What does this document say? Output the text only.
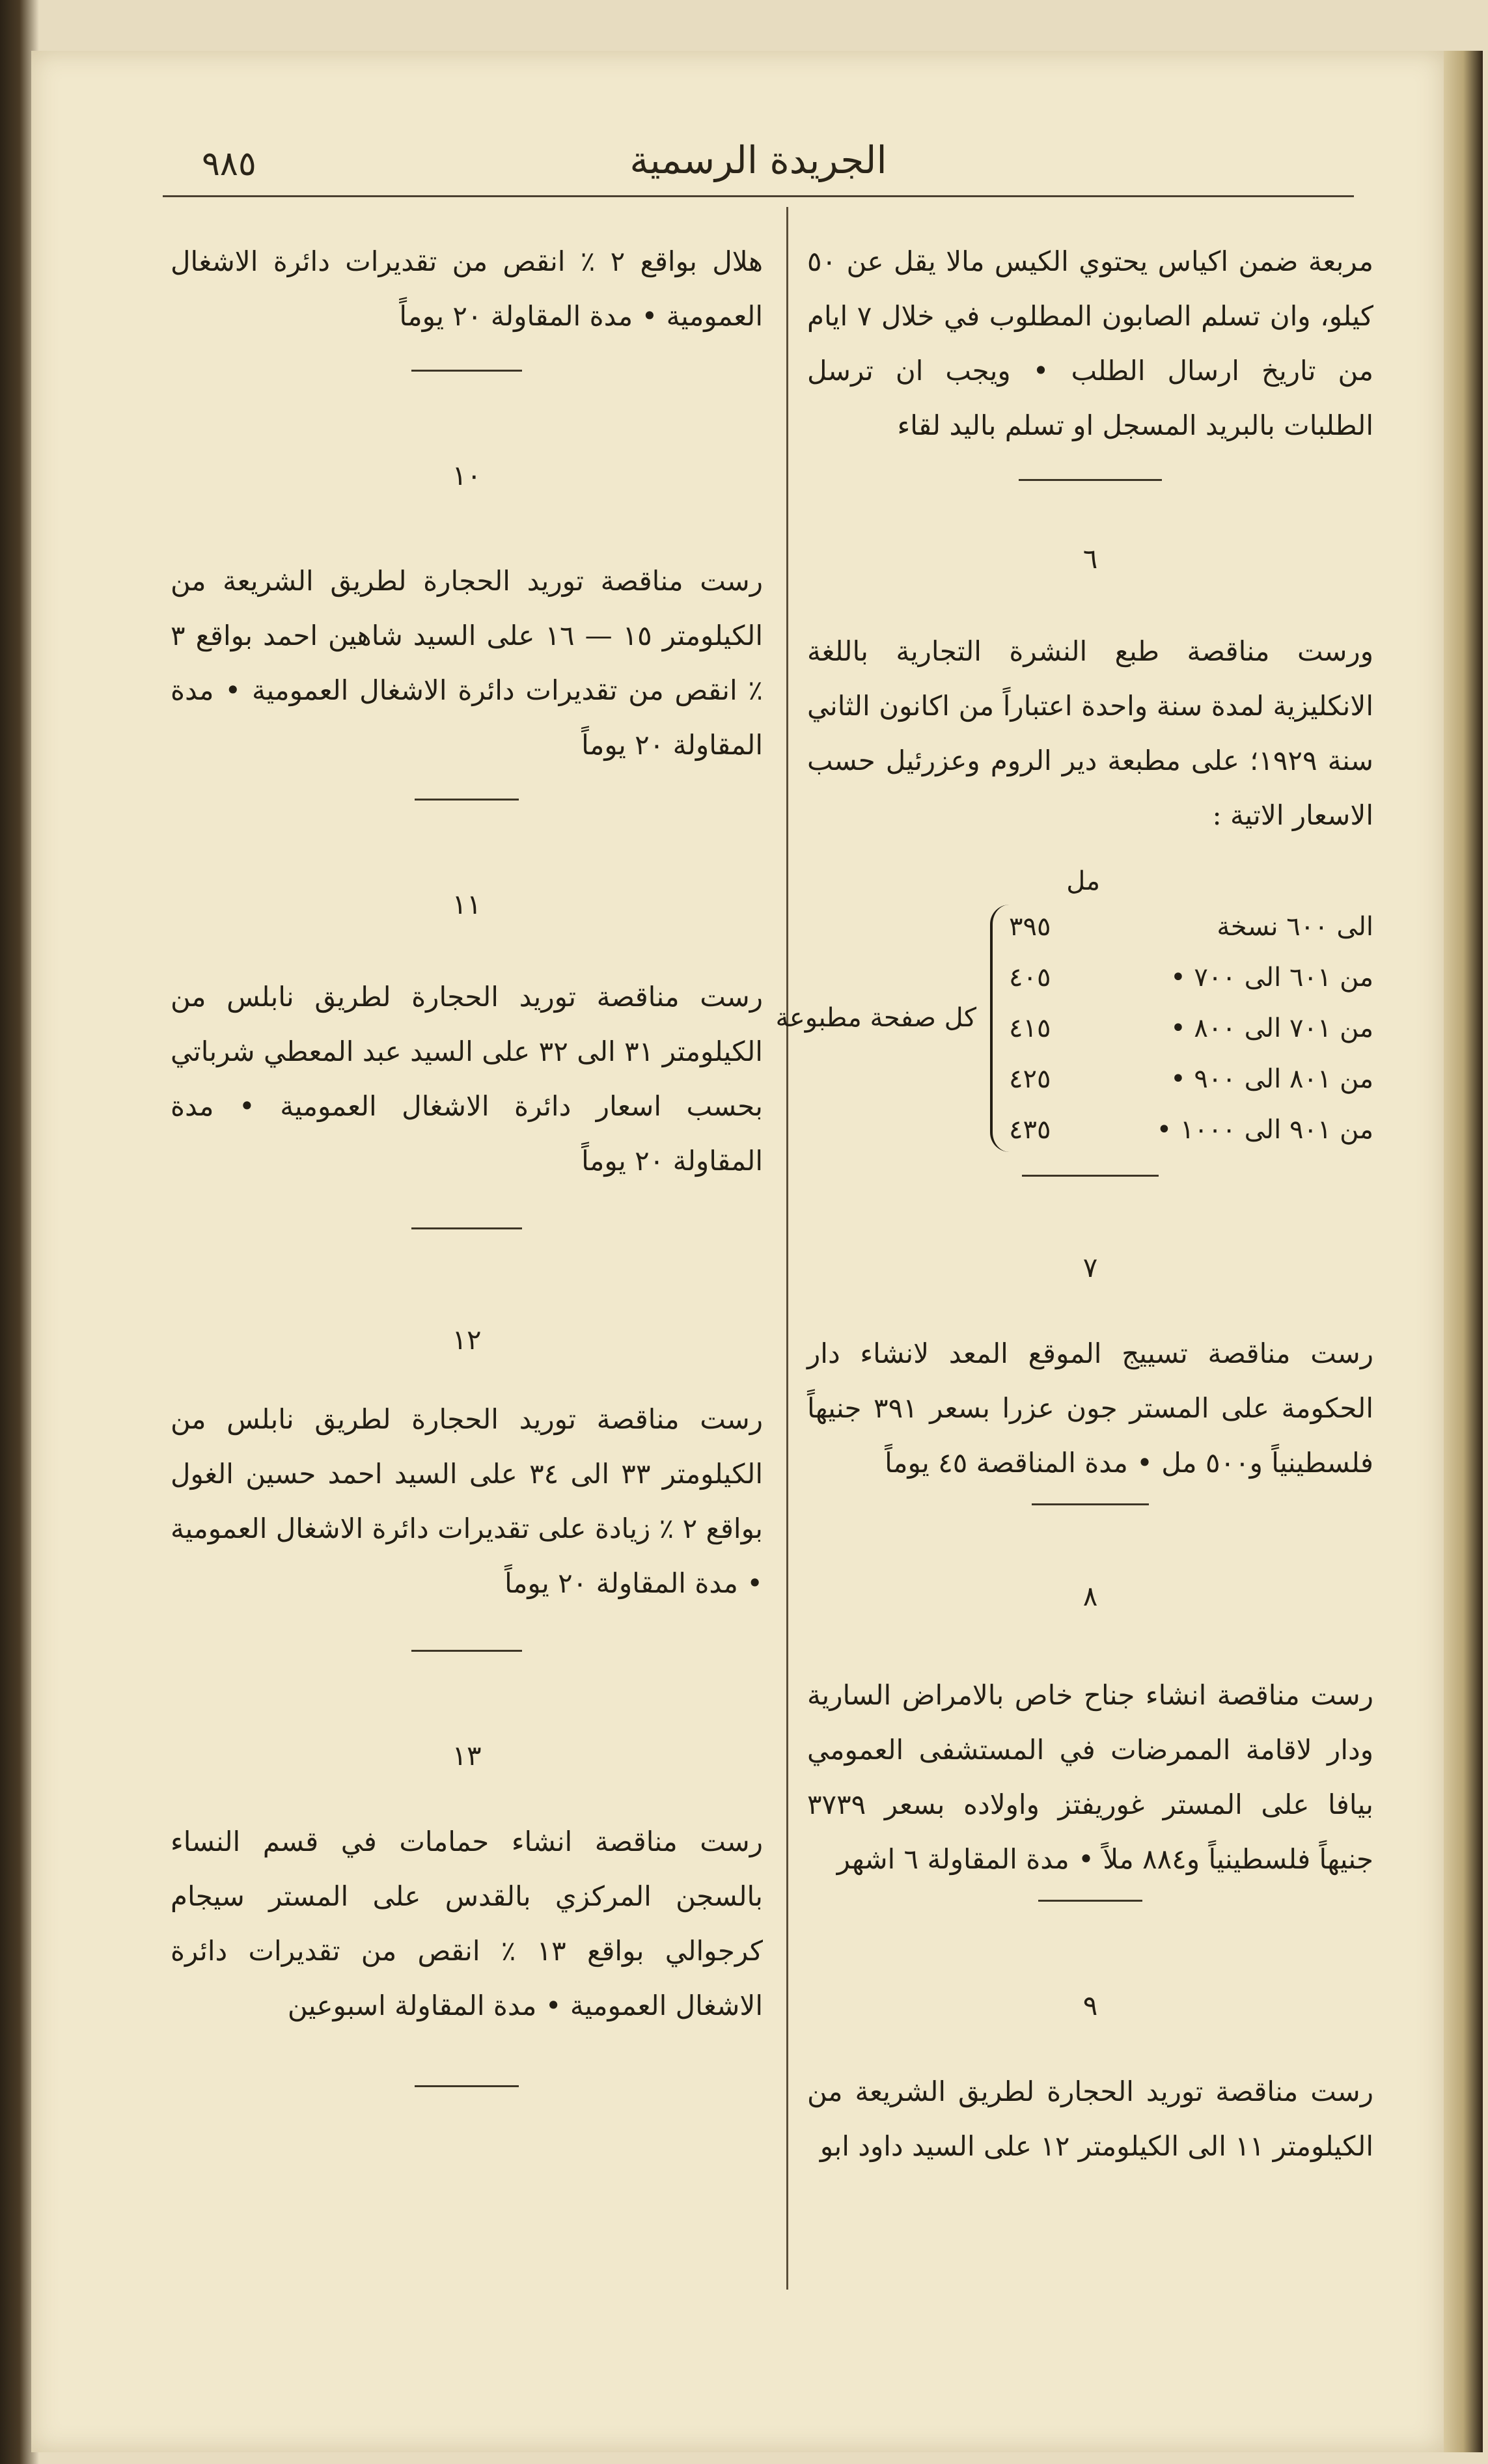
الجريدة الرسمية
٩٨٥

مربعة ضمن اكياس يحتوي الكيس مالا يقل عن ٥٠ كيلو، وان تسلم الصابون المطلوب في خلال ٧ ايام من تاريخ ارسال الطلب • ويجب ان ترسل الطلبات بالبريد المسجل او تسلم باليد لقاء

٦

ورست مناقصة طبع النشرة التجارية باللغة الانكليزية لمدة سنة واحدة اعتباراً من اكانون الثاني سنة ١٩٢٩؛ على مطبعة دير الروم وعزرئيل حسب الاسعار الاتية :

مل
كل صفحة مطبوعة
الى ٦٠٠ نسخة
٣٩٥
من ٦٠١ الى ٧٠٠ •
٤٠٥
من ٧٠١ الى ٨٠٠ •
٤١٥
من ٨٠١ الى ٩٠٠ •
٤٢٥
من ٩٠١ الى ١٠٠٠ •
٤٣٥

٧

رست مناقصة تسييج الموقع المعد لانشاء دار الحكومة على المستر جون عزرا بسعر ٣٩١ جنيهاً فلسطينياً و٥٠٠ مل • مدة المناقصة ٤٥ يوماً

٨

رست مناقصة انشاء جناح خاص بالامراض السارية ودار لاقامة الممرضات في المستشفى العمومي بيافا على المستر غوريفتز واولاده بسعر ٣٧٣٩ جنيهاً فلسطينياً و٨٨٤ ملاً • مدة المقاولة ٦ اشهر

٩

رست مناقصة توريد الحجارة لطريق الشريعة من الكيلومتر ١١ الى الكيلومتر ١٢ على السيد داود ابو

هلال بواقع ٢ ٪ انقص من تقديرات دائرة الاشغال العمومية • مدة المقاولة ٢٠ يوماً

١٠

رست مناقصة توريد الحجارة لطريق الشريعة من الكيلومتر ١٥ — ١٦ على السيد شاهين احمد بواقع ٣ ٪ انقص من تقديرات دائرة الاشغال العمومية • مدة المقاولة ٢٠ يوماً

١١

رست مناقصة توريد الحجارة لطريق نابلس من الكيلومتر ٣١ الى ٣٢ على السيد عبد المعطي شرباتي بحسب اسعار دائرة الاشغال العمومية • مدة المقاولة ٢٠ يوماً

١٢

رست مناقصة توريد الحجارة لطريق نابلس من الكيلومتر ٣٣ الى ٣٤ على السيد احمد حسين الغول بواقع ٢ ٪ زيادة على تقديرات دائرة الاشغال العمومية • مدة المقاولة ٢٠ يوماً

١٣

رست مناقصة انشاء حمامات في قسم النساء بالسجن المركزي بالقدس على المستر سيجام كرجوالي بواقع ١٣ ٪ انقص من تقديرات دائرة الاشغال العمومية • مدة المقاولة اسبوعين
